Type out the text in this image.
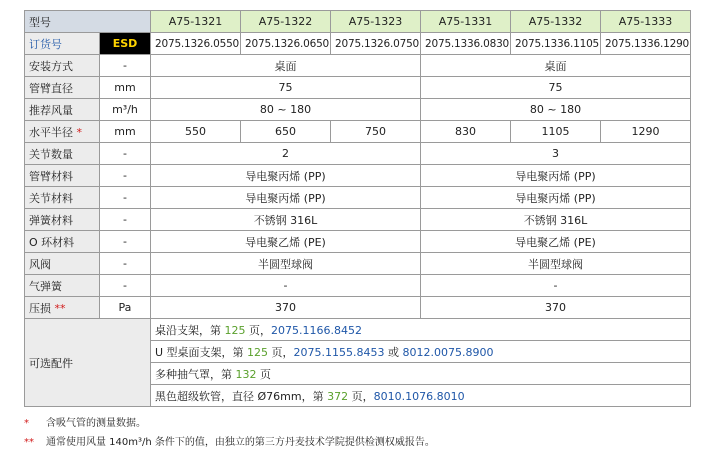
型号		A75-1321	A75-1322	A75-1323	A75-1331	A75-1332	A75-1333
订货号	ESD	2075.1326.0550	2075.1326.0650	2075.1326.0750	2075.1336.0830	2075.1336.1105	2075.1336.1290
安装方式	-	桌面			桌面		
管臂直径	mm	75			75		
推荐风量	m³/h	80 ~ 180			80 ~ 180		
水平半径 *	mm	550	650	750	830	1105	1290
关节数量	-	2			3		
管臂材料	-	导电聚丙烯 (PP)			导电聚丙烯 (PP)		
关节材料	-	导电聚丙烯 (PP)			导电聚丙烯 (PP)		
弹簧材料	-	不锈钢 316L			不锈钢 316L		
O 环材料	-	导电聚乙烯 (PE)			导电聚乙烯 (PE)		
风阀	-	半圆型球阀			半圆型球阀		
气弹簧	-	-			-		
压损 **	Pa	370			370		
可选配件		桌沿支架，第 125 页，2075.1166.8452					
		U 型桌面支架，第 125 页，2075.1155.8453 或 8012.0075.8900					
		多种抽气罩，第 132 页					
		黑色超级软管，直径 Ø76mm，第 372 页，8010.1076.8010					
* 含吸气管的测量数据。
** 通常使用风量 140m³/h 条件下的值，由独立的第三方丹麦技术学院提供检测权威报告。
